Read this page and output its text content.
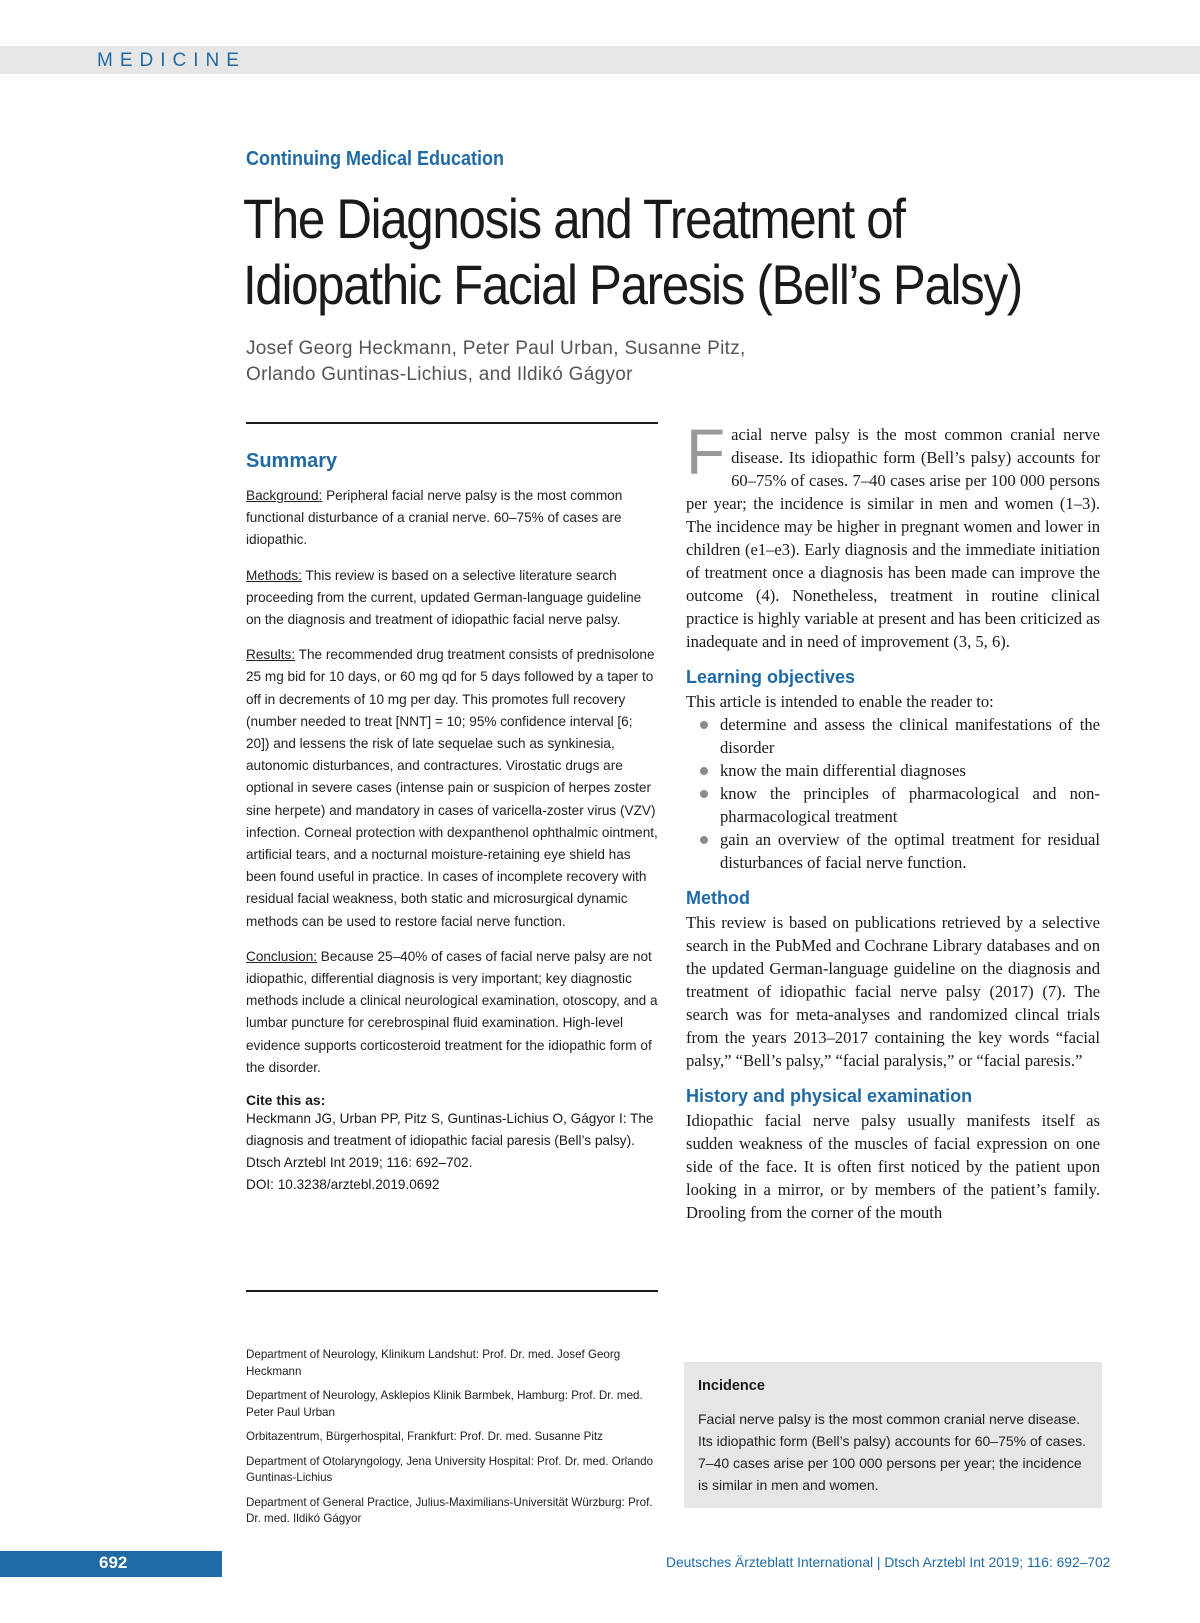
MEDICINE
Continuing Medical Education
The Diagnosis and Treatment of
Idiopathic Facial Paresis (Bell’s Palsy)
Josef Georg Heckmann, Peter Paul Urban, Susanne Pitz,
Orlando Guntinas-Lichius, and Ildikó Gágyor
Summary

Background: Peripheral facial nerve palsy is the most common functional disturbance of a cranial nerve. 60–75% of cases are idiopathic.

Methods: This review is based on a selective literature search proceeding from the current, updated German-language guideline on the diagnosis and treatment of idiopathic facial nerve palsy.

Results: The recommended drug treatment consists of prednisolone 25 mg bid for 10 days, or 60 mg qd for 5 days followed by a taper to off in decrements of 10 mg per day. This promotes full recovery (number needed to treat [NNT] = 10; 95% confidence interval [6; 20]) and lessens the risk of late sequelae such as synkinesia, autonomic disturbances, and contractures. Virostatic drugs are optional in severe cases (intense pain or suspicion of herpes zoster sine herpete) and mandatory in cases of varicella-zoster virus (VZV) infection. Corneal protection with dexpanthenol ophthalmic ointment, artificial tears, and a nocturnal moisture-retaining eye shield has been found useful in practice. In cases of incomplete recovery with residual facial weakness, both static and microsurgical dynamic methods can be used to restore facial nerve function.

Conclusion: Because 25–40% of cases of facial nerve palsy are not idiopathic, differential diagnosis is very important; key diagnostic methods include a clinical neurological examination, otoscopy, and a lumbar puncture for cerebrospinal fluid examination. High-level evidence supports corticosteroid treatment for the idiopathic form of the disorder.

Cite this as:
Heckmann JG, Urban PP, Pitz S, Guntinas-Lichius O, Gágyor I: The diagnosis and treatment of idiopathic facial paresis (Bell’s palsy). Dtsch Arztebl Int 2019; 116: 692–702.
DOI: 10.3238/arztebl.2019.0692

Department of Neurology, Klinikum Landshut: Prof. Dr. med. Josef Georg Heckmann

Department of Neurology, Asklepios Klinik Barmbek, Hamburg: Prof. Dr. med. Peter Paul Urban

Orbitazentrum, Bürgerhospital, Frankfurt: Prof. Dr. med. Susanne Pitz

Department of Otolaryngology, Jena University Hospital: Prof. Dr. med. Orlando Guntinas-Lichius

Department of General Practice, Julius-Maximilians-Universität Würzburg: Prof. Dr. med. Ildikó Gágyor

Facial nerve palsy is the most common cranial nerve disease. Its idiopathic form (Bell’s palsy) accounts for 60–75% of cases. 7–40 cases arise per 100 000 persons per year; the incidence is similar in men and women (1–3). The incidence may be higher in pregnant women and lower in children (e1–e3). Early diagnosis and the immediate initiation of treatment once a diagnosis has been made can improve the outcome (4). Nonetheless, treatment in routine clinical practice is highly variable at present and has been criticized as inadequate and in need of improvement (3, 5, 6).

Learning objectives

This article is intended to enable the reader to:

determine and assess the clinical manifestations of the disorder
know the main differential diagnoses
know the principles of pharmacological and non-pharmacological treatment
gain an overview of the optimal treatment for residual disturbances of facial nerve function.
Method

This review is based on publications retrieved by a selective search in the PubMed and Cochrane Library databases and on the updated German-language guideline on the diagnosis and treatment of idiopathic facial nerve palsy (2017) (7). The search was for meta-analyses and randomized clincal trials from the years 2013–2017 containing the key words “facial palsy,” “Bell’s palsy,” “facial paralysis,” or “facial paresis.”

History and physical examination

Idiopathic facial nerve palsy usually manifests itself as sudden weakness of the muscles of facial expression on one side of the face. It is often first noticed by the patient upon looking in a mirror, or by members of the patient’s family. Drooling from the corner of the mouth

Incidence
Facial nerve palsy is the most common cranial nerve disease. Its idiopathic form (Bell’s palsy) accounts for 60–75% of cases. 7–40 cases arise per 100 000 persons per year; the incidence is similar in men and women.
692	Deutsches Ärzteblatt International | Dtsch Arztebl Int 2019; 116: 692–702
